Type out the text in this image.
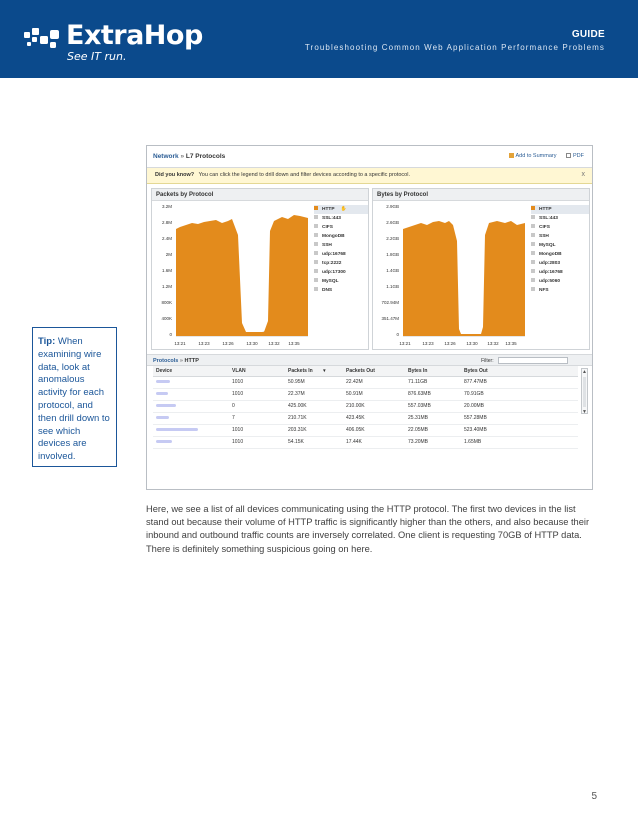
ExtraHop
See IT run.
GUIDE
Troubleshooting Common Web Application Performance Problems
Tip: When examining wire data, look at anomalous activity for each protocol, and then drill down to see which devices are involved.
Network » L7 Protocols	Add to Summary	PDF
Did you know? You can click the legend to drill down and filter devices according to a specific protocol.	x
Packets by Protocol
3.2M
2.8M
2.4M
2M
1.6M
1.2M
800K
400K
0
13:21	13:23	13:26	13:30 13:32 13:35
HTTP ✋
SSL:443
CIFS
MongoDB
SSH
udp:16768
tcp:2222
udp:17300
MySQL
DNS
Bytes by Protocol
2.9GB
2.6GB
2.2GB
1.8GB
1.4GB
1.1GB
702.94M
351.47M
0
13:21	13:23 13:26 13:30 13:32 13:35
HTTP
SSL:443
CIFS
SSH
MySQL
MongoDB
udp:2803
udp:16768
udp:5060
NFS
Protocols » HTTP	Filter:
Device	VLAN	Packets In ▼	Packets Out	Bytes In	Bytes Out
	1010	50.95M	22.42M	71.11GB	877.47MB
	1010	22.37M	50.91M	876.63MB	70.91GB
	0	425.00K	210.00K	557.03MB	20.00MB
	7	210.71K	423.45K	25.31MB	557.28MB
	1010	203.31K	406.05K	22.05MB	523.40MB
	1010	54.15K	17.44K	73.20MB	1.65MB
▲
▼

Here, we see a list of all devices communicating using the HTTP protocol. The first two devices in the list stand out because their volume of HTTP traffic is significantly higher than the others, and also because their inbound and outbound traffic counts are inversely correlated. One client is requesting 70GB of HTTP data. There is definitely something suspicious going on here.

5
